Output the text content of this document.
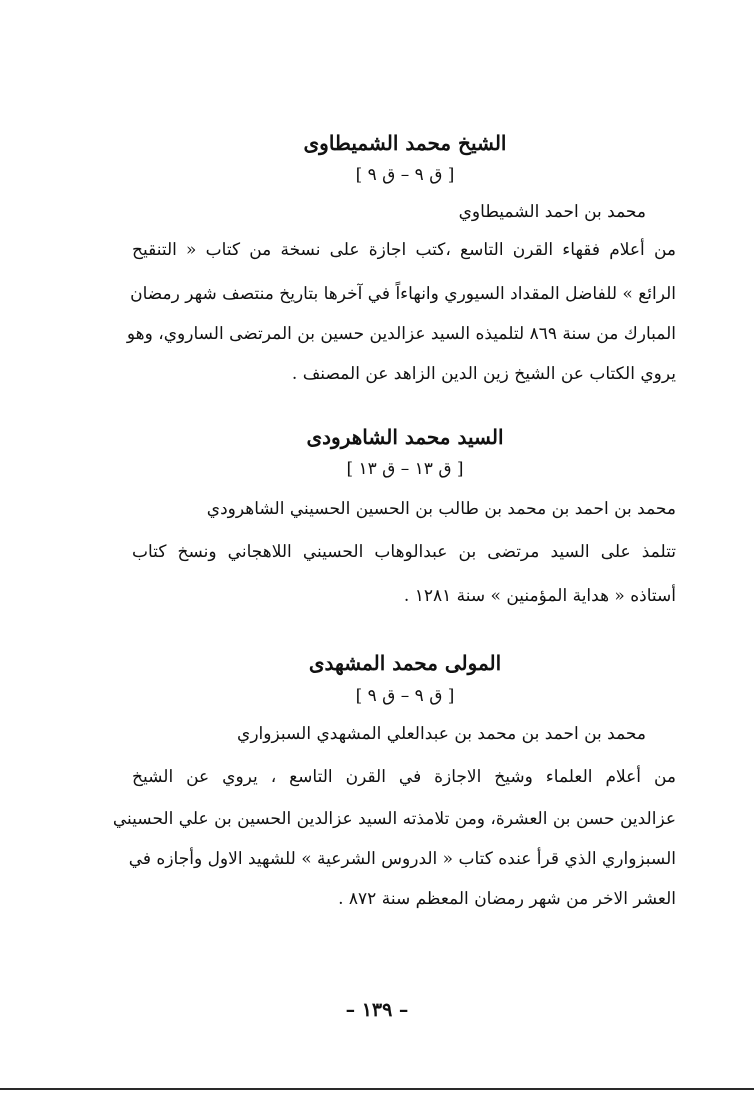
الشيخ محمد الشميطاوى
[ ق ٩ – ق ٩ ]
محمد بن احمد الشميطاوي
من أعلام فقهاء القرن التاسع ،كتب اجازة على نسخة من كتاب « التنقيح
الرائع » للفاضل المقداد السيوري وانهاءاً في آخرها بتاريخ منتصف شهر رمضان
المبارك من سنة ٨٦٩ لتلميذه السيد عزالدين حسين بن المرتضى الساروي، وهو
يروي الكتاب عن الشيخ زين الدين الزاهد عن المصنف .
السيد محمد الشاهرودى
[ ق ١٣ – ق ١٣ ]
محمد بن احمد بن محمد بن طالب بن الحسين الحسيني الشاهرودي
تتلمذ على السيد مرتضى بن عبدالوهاب الحسيني اللاهجاني ونسخ كتاب
أستاذه « هداية المؤمنين » سنة ١٢٨١ .
المولى محمد المشهدى
[ ق ٩ – ق ٩ ]
محمد بن احمد بن محمد بن عبدالعلي المشهدي السبزواري
من أعلام العلماء وشيخ الاجازة في القرن التاسع ، يروي عن الشيخ
عزالدين حسن بن العشرة، ومن تلامذته السيد عزالدين الحسين بن علي الحسيني
السبزواري الذي قرأ عنده كتاب « الدروس الشرعية » للشهيد الاول وأجازه في
العشر الاخر من شهر رمضان المعظم سنة ٨٧٢ .
– ١٣٩ –
